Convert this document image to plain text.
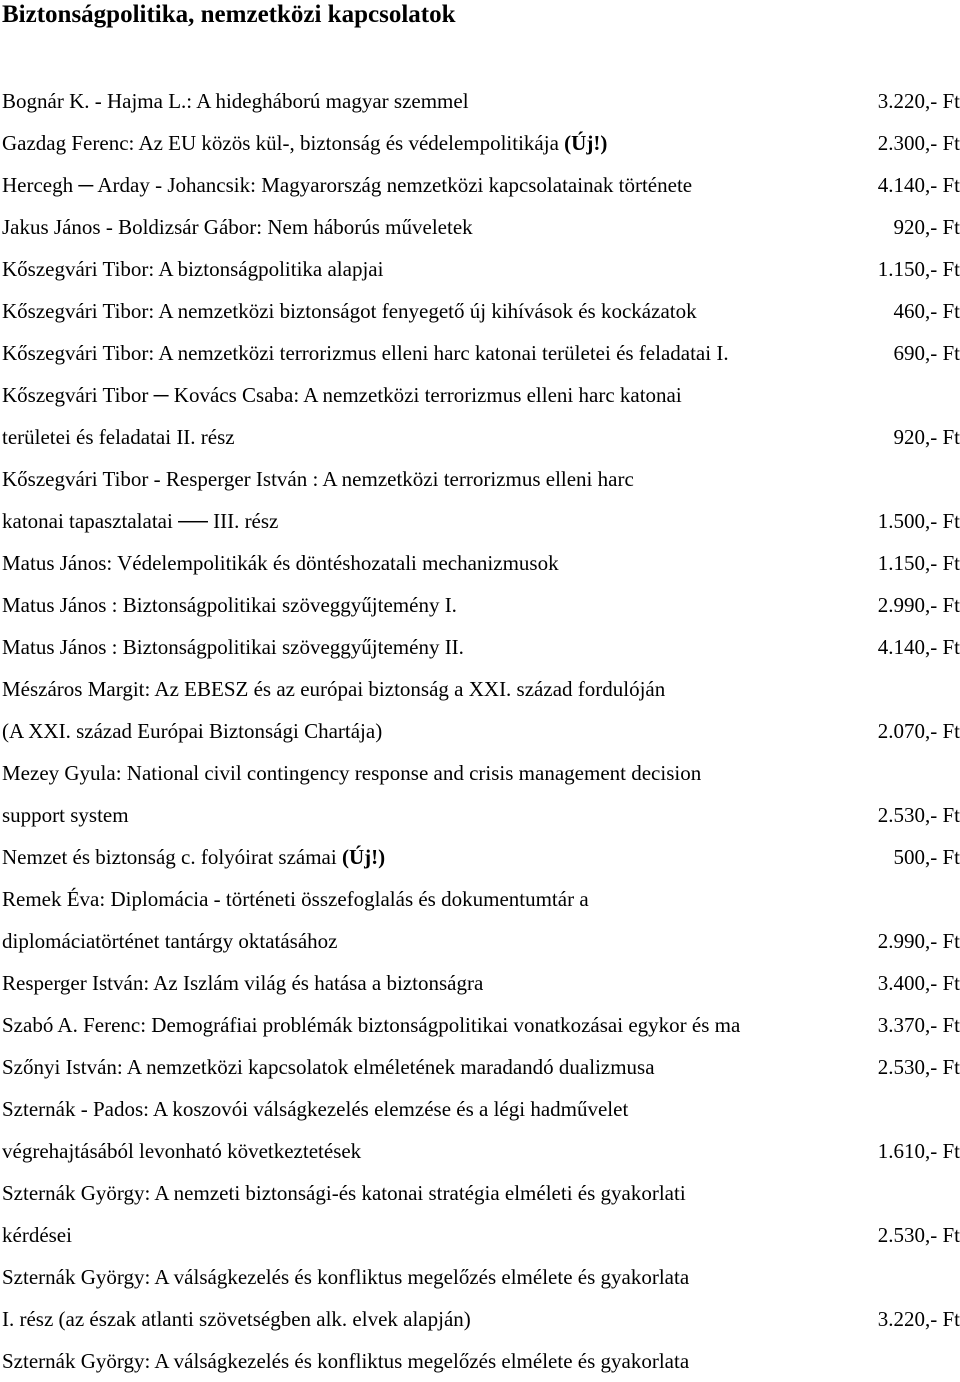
Biztonságpolitika, nemzetközi kapcsolatok
Bognár K. - Hajma L.: A hidegháború magyar szemmel	3.220,- Ft
Gazdag Ferenc: Az EU közös kül-, biztonság és védelempolitikája (Új!)	2.300,- Ft
Hercegh ─ Arday - Johancsik: Magyarország nemzetközi kapcsolatainak története	4.140,- Ft
Jakus János - Boldizsár Gábor: Nem háborús műveletek	920,- Ft
Kőszegvári Tibor: A biztonságpolitika alapjai	1.150,- Ft
Kőszegvári Tibor: A nemzetközi biztonságot fenyegető új kihívások és kockázatok	460,- Ft
Kőszegvári Tibor: A nemzetközi terrorizmus elleni harc katonai területei és feladatai I.	690,- Ft
Kőszegvári Tibor ─ Kovács Csaba: A nemzetközi terrorizmus elleni harc katonai
területei és feladatai II. rész	920,- Ft
Kőszegvári Tibor - Resperger István : A nemzetközi terrorizmus elleni harc
katonai tapasztalatai ── III. rész	1.500,- Ft
Matus János: Védelempolitikák és döntéshozatali mechanizmusok	1.150,- Ft
Matus János : Biztonságpolitikai szöveggyűjtemény I.	2.990,- Ft
Matus János : Biztonságpolitikai szöveggyűjtemény II.	4.140,- Ft
Mészáros Margit: Az EBESZ és az európai biztonság a XXI. század fordulóján
(A XXI. század Európai Biztonsági Chartája)	2.070,- Ft
Mezey Gyula: National civil contingency response and crisis management decision
support system	2.530,- Ft
Nemzet és biztonság c. folyóirat számai (Új!)	500,- Ft
Remek Éva: Diplomácia - történeti összefoglalás és dokumentumtár a
diplomáciatörténet tantárgy oktatásához	2.990,- Ft
Resperger István: Az Iszlám világ és hatása a biztonságra	3.400,- Ft
Szabó A. Ferenc: Demográfiai problémák biztonságpolitikai vonatkozásai egykor és ma	3.370,- Ft
Szőnyi István: A nemzetközi kapcsolatok elméletének maradandó dualizmusa	2.530,- Ft
Szternák - Pados: A koszovói válságkezelés elemzése és a légi hadművelet
végrehajtásából levonható következtetések	1.610,- Ft
Szternák György: A nemzeti biztonsági-és katonai stratégia elméleti és gyakorlati
kérdései	2.530,- Ft
Szternák György: A válságkezelés és konfliktus megelőzés elmélete és gyakorlata
I. rész (az észak atlanti szövetségben alk. elvek alapján)	3.220,- Ft
Szternák György: A válságkezelés és konfliktus megelőzés elmélete és gyakorlata
